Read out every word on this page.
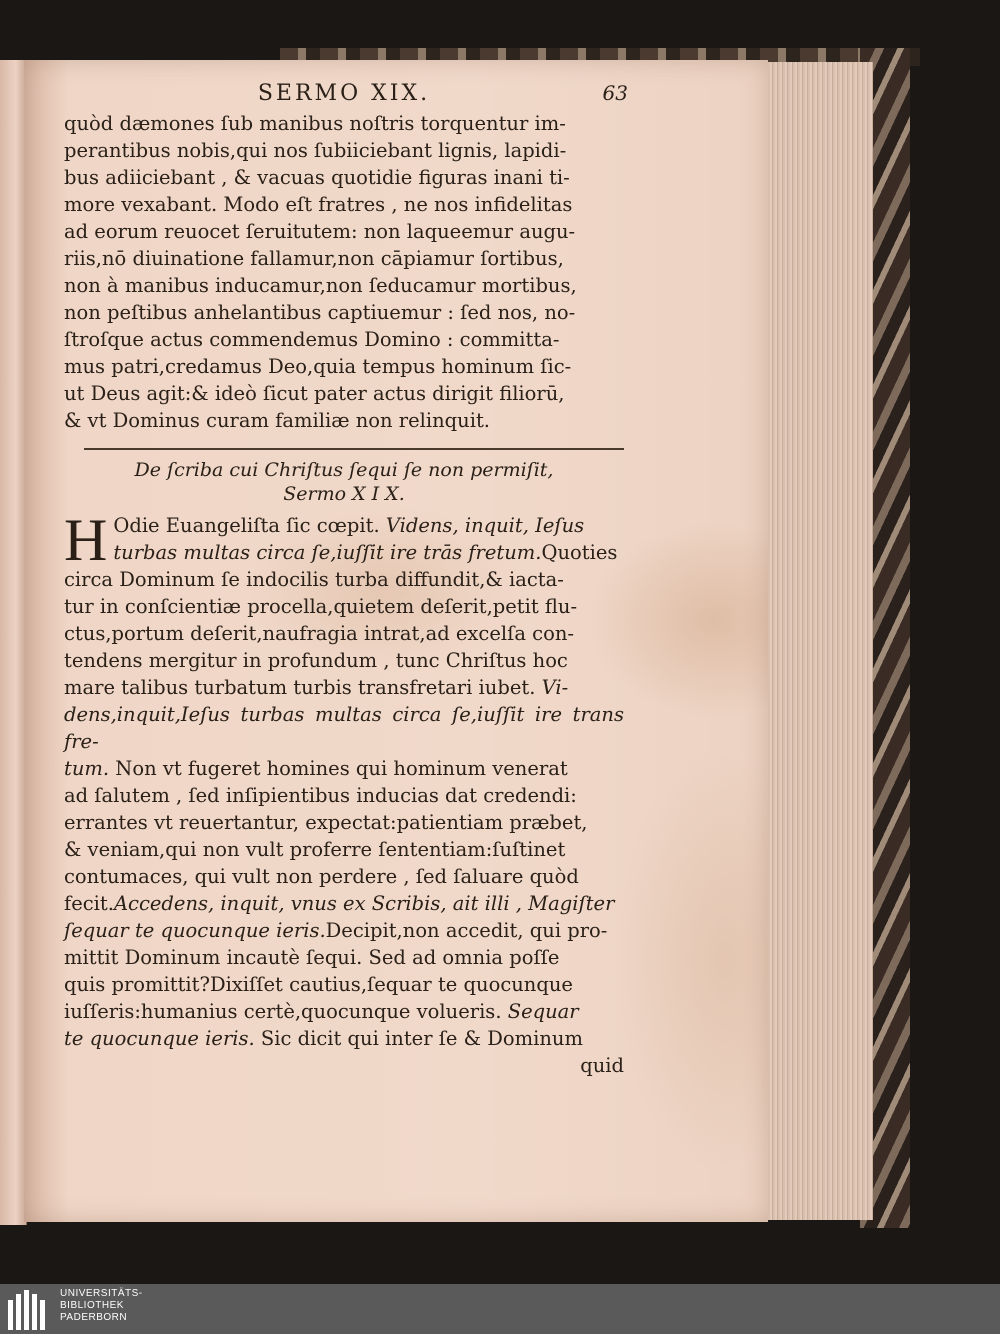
SERMO XIX.	63

quòd dæmones ſub manibus noſtris torquentur im-

perantibus nobis,qui nos ſubiiciebant lignis, lapidi-

bus adiiciebant , & vacuas quotidie figuras inani ti-

more vexabant. Modo eſt fratres , ne nos infidelitas

ad eorum reuocet ſeruitutem: non laqueemur augu-

riis,nō diuinatione fallamur,non cāpiamur ſortibus,

non à manibus inducamur,non ſeducamur mortibus,

non peſtibus anhelantibus captiuemur : ſed nos, no-

ſtroſque actus commendemus Domino : committa-

mus patri,credamus Deo,quia tempus hominum ſic-

ut Deus agit:& ideò ſicut pater actus dirigit filiorū,

& vt Dominus curam familiæ non relinquit.

De ſcriba cui Chriſtus ſequi ſe non permiſit,
Sermo X I X.
H Odie Euangeliſta ſic cœpit. Videns, inquit, Ieſus

turbas multas circa ſe,iuſſit ire trās fretum.Quoties

circa Dominum ſe indocilis turba diffundit,& iacta-

tur in conſcientiæ procella,quietem deſerit,petit flu-

ctus,portum deſerit,naufragia intrat,ad excelſa con-

tendens mergitur in profundum , tunc Chriſtus hoc

mare talibus turbatum turbis transfretari iubet. Vi-

dens,inquit,Ieſus turbas multas circa ſe,iuſſit ire trans fre-

tum. Non vt fugeret homines qui hominum venerat

ad ſalutem , ſed inſipientibus inducias dat credendi:

errantes vt reuertantur, expectat:patientiam præbet,

& veniam,qui non vult proferre ſententiam:ſuſtinet

contumaces, qui vult non perdere , ſed ſaluare quòd

fecit.Accedens, inquit, vnus ex Scribis, ait illi , Magiſter

ſequar te quocunque ieris.Decipit,non accedit, qui pro-

mittit Dominum incautè ſequi. Sed ad omnia poſſe

quis promittit?Dixiſſet cautius,ſequar te quocunque

iuſſeris:humanius certè,quocunque volueris. Sequar

te quocunque ieris. Sic dicit qui inter ſe & Dominum

quid
UNIVERSITÄTS-
BIBLIOTHEK
PADERBORN
